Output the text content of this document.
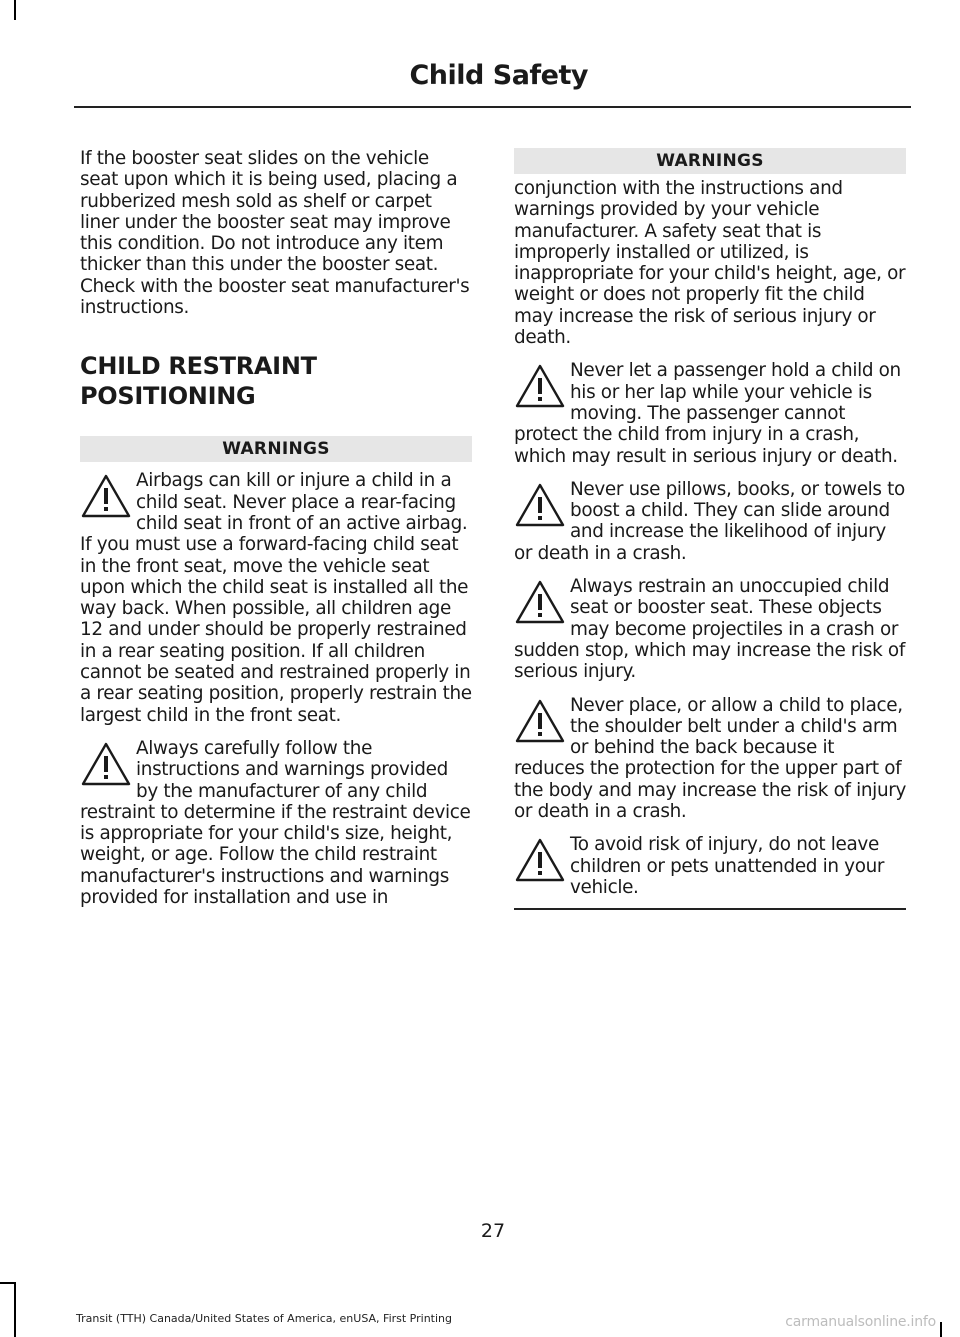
Child Safety

If the booster seat slides on the vehicle seat upon which it is being used, placing a rubberized mesh sold as shelf or carpet liner under the booster seat may improve this condition. Do not introduce any item thicker than this under the booster seat. Check with the booster seat manufacturer's instructions.

CHILD RESTRAINT
POSITIONING
WARNINGS
Airbags can kill or injure a child in a child seat. Never place a rear-facing child seat in front of an active airbag. If you must use a forward-facing child seat in the front seat, move the vehicle seat upon which the child seat is installed all the way back. When possible, all children age 12 and under should be properly restrained in a rear seating position. If all children cannot be seated and restrained properly in a rear seating position, properly restrain the largest child in the front seat.
Always carefully follow the instructions and warnings provided by the manufacturer of any child restraint to determine if the restraint device is appropriate for your child's size, height, weight, or age. Follow the child restraint manufacturer's instructions and warnings provided for installation and use in
WARNINGS

conjunction with the instructions and warnings provided by your vehicle manufacturer. A safety seat that is improperly installed or utilized, is inappropriate for your child's height, age, or weight or does not properly fit the child may increase the risk of serious injury or death.

Never let a passenger hold a child on his or her lap while your vehicle is moving. The passenger cannot protect the child from injury in a crash, which may result in serious injury or death.
Never use pillows, books, or towels to boost a child. They can slide around and increase the likelihood of injury or death in a crash.
Always restrain an unoccupied child seat or booster seat. These objects may become projectiles in a crash or sudden stop, which may increase the risk of serious injury.
Never place, or allow a child to place, the shoulder belt under a child's arm or behind the back because it reduces the protection for the upper part of the body and may increase the risk of injury or death in a crash.
To avoid risk of injury, do not leave children or pets unattended in your vehicle.
27
Transit (TTH) Canada/United States of America, enUSA, First Printing	carmanualsonline.info
